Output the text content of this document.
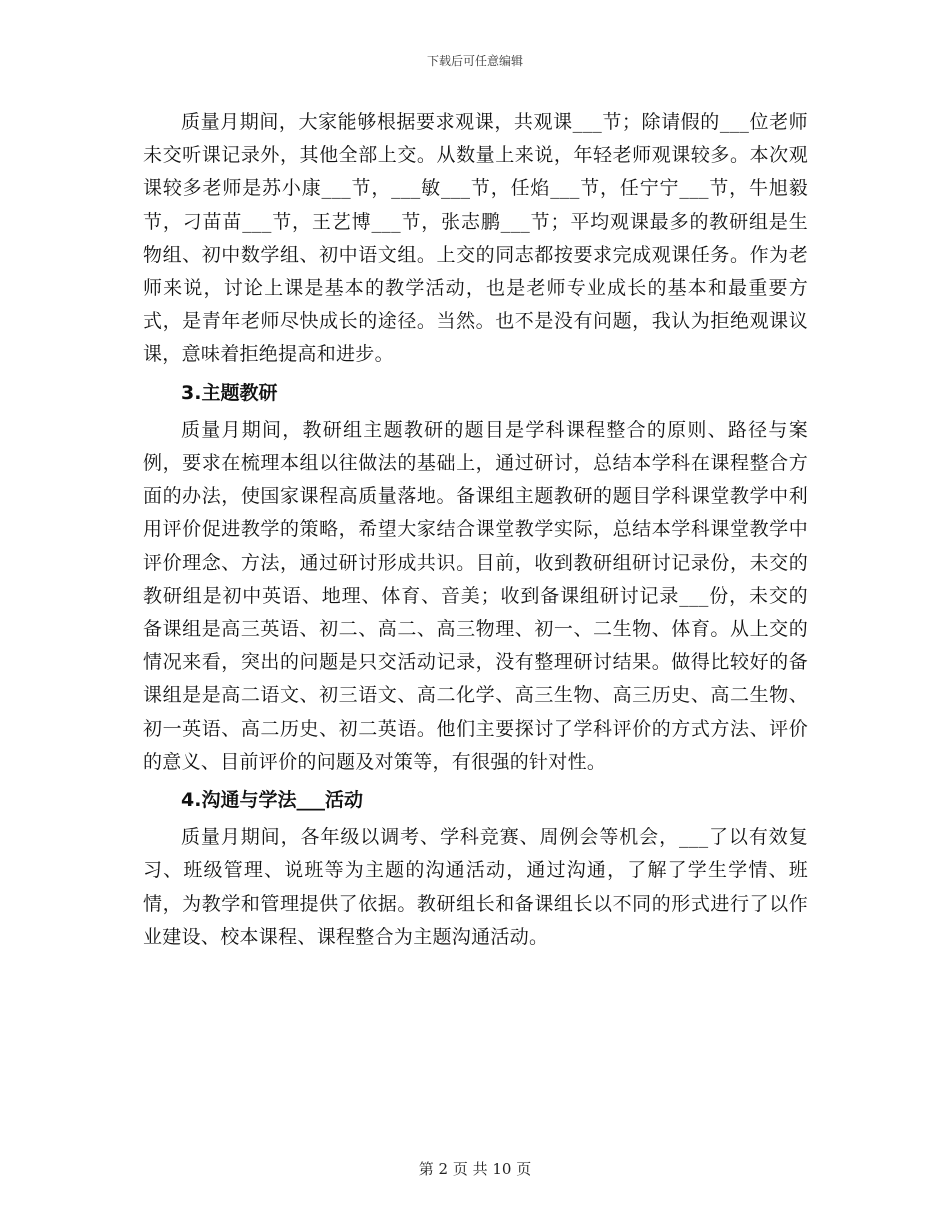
下载后可任意编辑

质量月期间，大家能够根据要求观课，共观课___节；除请假的___位老师未交听课记录外，其他全部上交。从数量上来说，年轻老师观课较多。本次观课较多老师是苏小康___节，___敏___节，任焰___节，任宁宁___节，牛旭毅节，刁苗苗___节，王艺博___节，张志鹏___节；平均观课最多的教研组是生物组、初中数学组、初中语文组。上交的同志都按要求完成观课任务。作为老师来说，讨论上课是基本的教学活动，也是老师专业成长的基本和最重要方式，是青年老师尽快成长的途径。当然。也不是没有问题，我认为拒绝观课议课，意味着拒绝提高和进步。

3.主题教研

质量月期间，教研组主题教研的题目是学科课程整合的原则、路径与案例，要求在梳理本组以往做法的基础上，通过研讨，总结本学科在课程整合方面的办法，使国家课程高质量落地。备课组主题教研的题目学科课堂教学中利用评价促进教学的策略，希望大家结合课堂教学实际，总结本学科课堂教学中评价理念、方法，通过研讨形成共识。目前，收到教研组研讨记录份，未交的教研组是初中英语、地理、体育、音美；收到备课组研讨记录___份，未交的备课组是高三英语、初二、高二、高三物理、初一、二生物、体育。从上交的情况来看，突出的问题是只交活动记录，没有整理研讨结果。做得比较好的备课组是是高二语文、初三语文、高二化学、高三生物、高三历史、高二生物、初一英语、高二历史、初二英语。他们主要探讨了学科评价的方式方法、评价的意义、目前评价的问题及对策等，有很强的针对性。

4.沟通与学法___活动

质量月期间，各年级以调考、学科竞赛、周例会等机会，___了以有效复习、班级管理、说班等为主题的沟通活动，通过沟通，了解了学生学情、班情，为教学和管理提供了依据。教研组长和备课组长以不同的形式进行了以作业建设、校本课程、课程整合为主题沟通活动。

第 2 页 共 10 页
